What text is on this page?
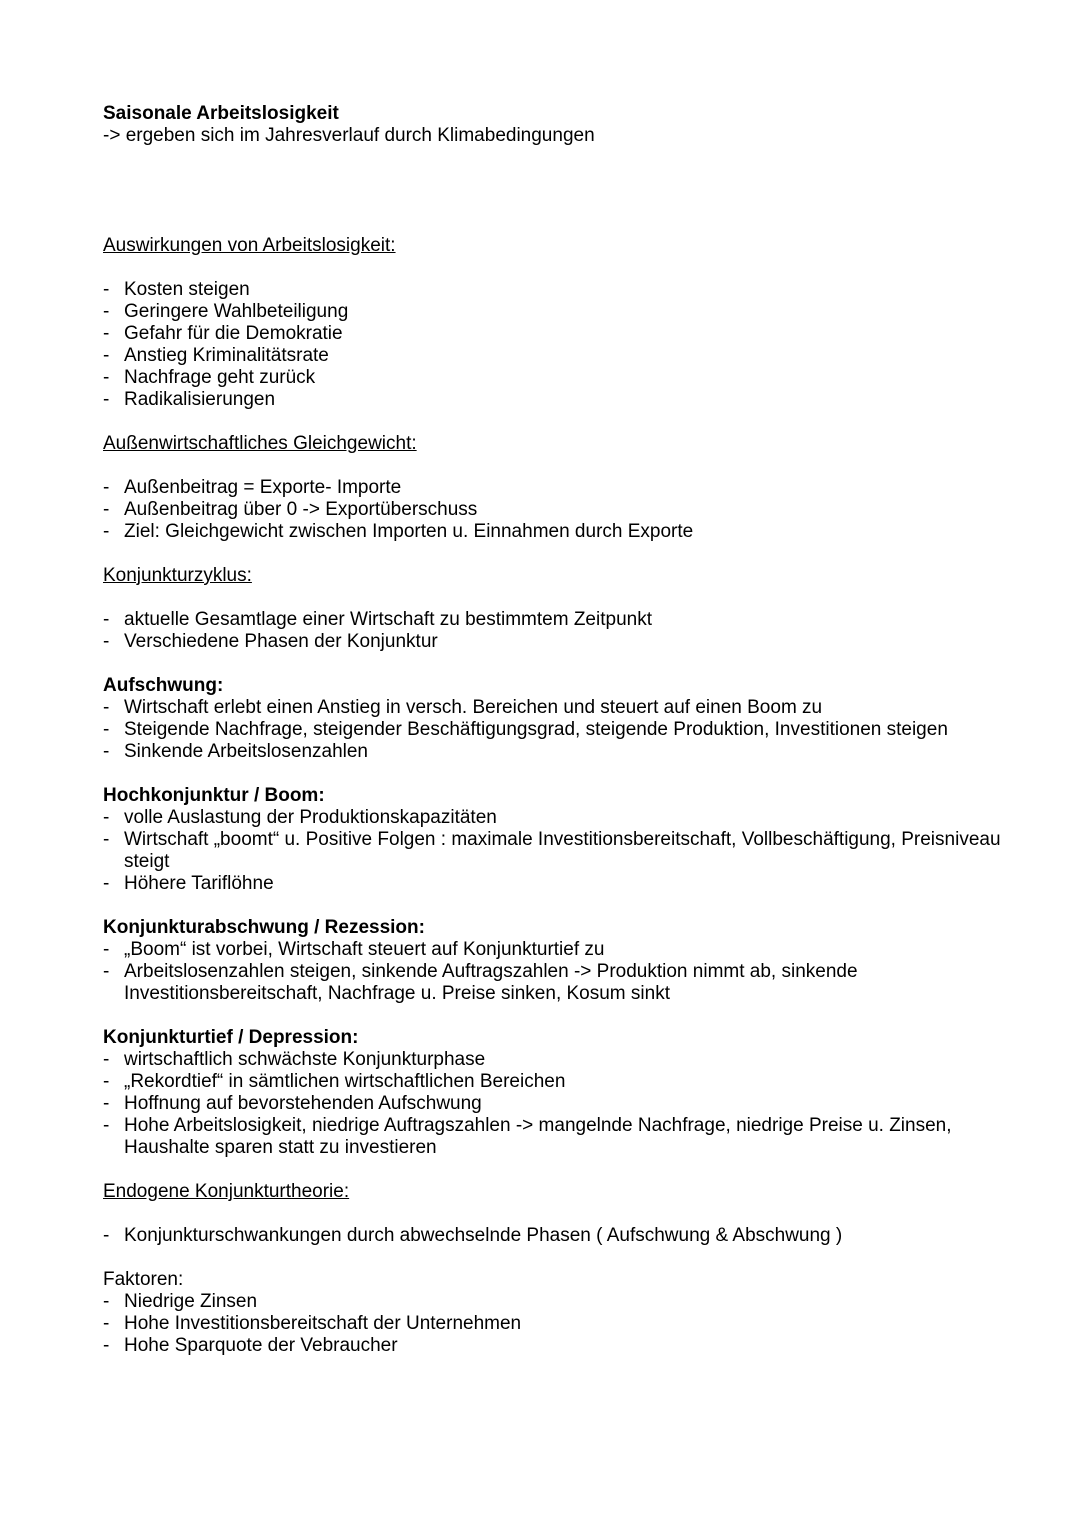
Saisonale Arbeitslosigkeit

-> ergeben sich im Jahresverlauf durch Klimabedingungen

Auswirkungen von Arbeitslosigkeit:

- Kosten steigen
- Geringere Wahlbeteiligung
- Gefahr für die Demokratie
- Anstieg Kriminalitätsrate
- Nachfrage geht zurück
- Radikalisierungen

Außenwirtschaftliches Gleichgewicht:

- Außenbeitrag = Exporte- Importe
- Außenbeitrag über 0 -> Exportüberschuss
- Ziel: Gleichgewicht zwischen Importen u. Einnahmen durch Exporte

Konjunkturzyklus:

- aktuelle Gesamtlage einer Wirtschaft zu bestimmtem Zeitpunkt
- Verschiedene Phasen der Konjunktur

Aufschwung:

- Wirtschaft erlebt einen Anstieg in versch. Bereichen und steuert auf einen Boom zu
- Steigende Nachfrage, steigender Beschäftigungsgrad, steigende Produktion, Investitionen steigen
- Sinkende Arbeitslosenzahlen

Hochkonjunktur / Boom:

- volle Auslastung der Produktionskapazitäten
- Wirtschaft „boomt“ u. Positive Folgen : maximale Investitionsbereitschaft, Vollbeschäftigung, Preisniveau steigt
- Höhere Tariflöhne

Konjunkturabschwung / Rezession:

- „Boom“ ist vorbei, Wirtschaft steuert auf Konjunkturtief zu
- Arbeitslosenzahlen steigen, sinkende Auftragszahlen -> Produktion nimmt ab, sinkende Investitionsbereitschaft, Nachfrage u. Preise sinken, Kosum sinkt

Konjunkturtief / Depression:

- wirtschaftlich schwächste Konjunkturphase
- „Rekordtief“ in sämtlichen wirtschaftlichen Bereichen
- Hoffnung auf bevorstehenden Aufschwung
- Hohe Arbeitslosigkeit, niedrige Auftragszahlen -> mangelnde Nachfrage, niedrige Preise u. Zinsen, Haushalte sparen statt zu investieren

Endogene Konjunkturtheorie:

- Konjunkturschwankungen durch abwechselnde Phasen ( Aufschwung & Abschwung )

Faktoren:

- Niedrige Zinsen
- Hohe Investitionsbereitschaft der Unternehmen
- Hohe Sparquote der Vebraucher
